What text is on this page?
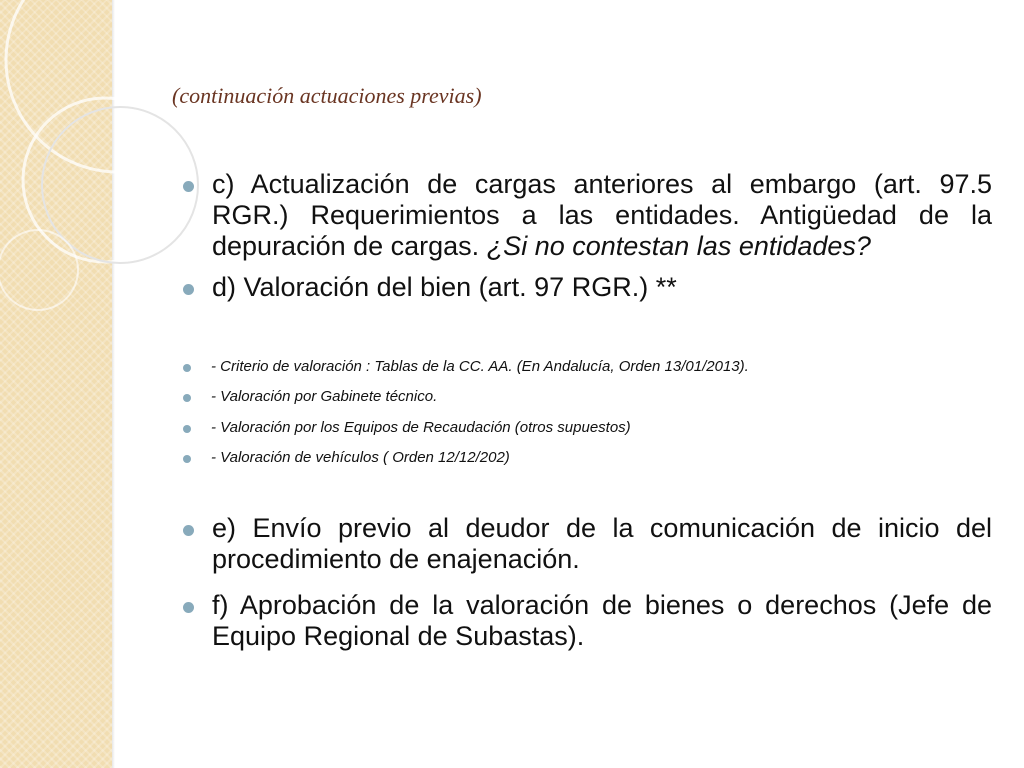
(continuación actuaciones previas)
c) Actualización de cargas anteriores al embargo (art. 97.5 RGR.) Requerimientos a las entidades. Antigüedad de la depuración de cargas. ¿Si no contestan las entidades?
d) Valoración del bien (art. 97 RGR.) **
- Criterio de valoración : Tablas de la CC. AA. (En Andalucía, Orden 13/01/2013).
- Valoración por Gabinete técnico.
- Valoración por los Equipos de Recaudación (otros supuestos)
- Valoración de vehículos ( Orden 12/12/202)
e) Envío previo al deudor de la comunicación de inicio del procedimiento de enajenación.
f) Aprobación de la valoración de bienes o derechos (Jefe de Equipo Regional de Subastas).
